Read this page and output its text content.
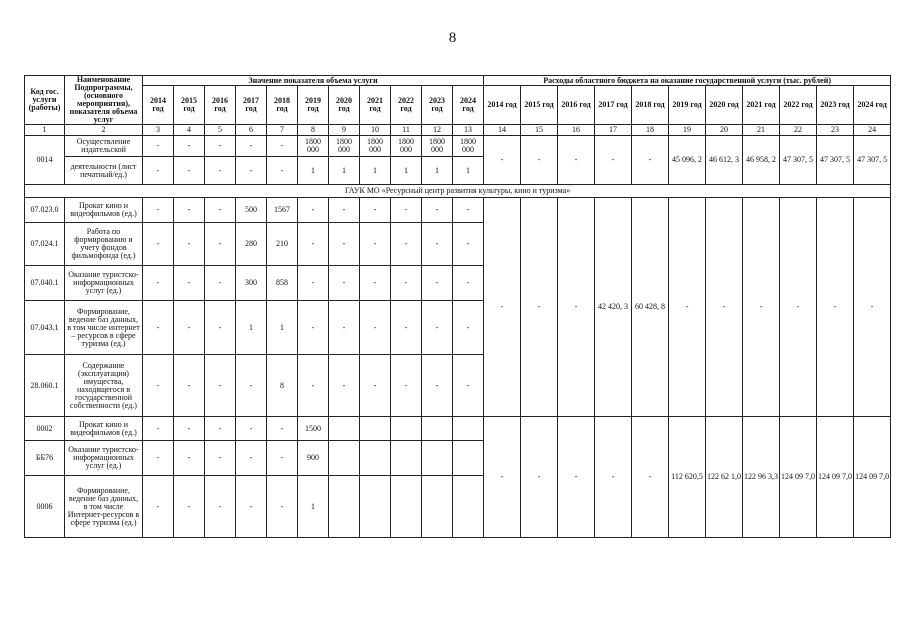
8
Код гос. услуги (работы)	Наименование Подпрограммы, (основного мероприятия), показателя объема услуг	Значение показателя объема услуги											Расходы областного бюджета на оказание государственной услуги (тыс. рублей)										
		2014 год	2015 год	2016 год	2017 год	2018 год	2019 год	2020 год	2021 год	2022 год	2023 год	2024 год	2014 год	2015 год	2016 год	2017 год	2018 год	2019 год	2020 год	2021 год	2022 год	2023 год	2024 год
1	2	3	4	5	6	7	8	9	10	11	12	13	14	15	16	17	18	19	20	21	22	23	24
0014	Осуществление издательской	-	-	-	-	-	1800 000	1800 000	1800 000	1800 000	1800 000	1800 000	-	-	-	-	-	45 096, 2	46 612, 3	46 958, 2	47 307, 5	47 307, 5	47 307, 5
	деятельности (лист печатный/ед.)	-	-	-	-	-	1	1	1	1	1	1											
ГАУК МО «Ресурсный центр развития культуры, кино и туризма»																							
07.023.0	Прокат кино и видеофильмов (ед.)	-	-	-	500	1567	-	-	-	-	-	-	-	-	-	42 420, 3	60 428, 8	-	-	-	-	-	-
07.024.1	Работа по формированию и учету фондов фильмофонда (ед.)	-	-	-	280	210	-	-	-	-	-	-											
07.040.1	Оказание туристско-информационных услуг (ед.)	-	-	-	300	858	-	-	-	-	-	-											
07.043.1	Формирование, ведение баз данных, в том числе интернет – ресурсов в сфере туризма (ед.)	-	-	-	1	1	-	-	-	-	-	-											
28.060.1	Содержание (эксплуатация) имущества, находящегося в государственной собственности (ед.)	-	-	-	-	8	-	-	-	-	-	-											
0002	Прокат кино и видеофильмов (ед.)	-	-	-	-	-	1500						-	-	-	-	-	112 620,5	122 62 1,0	122 96 3,3	124 09 7,0	124 09 7,0	124 09 7,0
ББ76	Оказание туристско-информационных услуг (ед.)	-	-	-	-	-	900																
0006	Формирование, ведение баз данных, в том числе Интернет-ресурсов в сфере туризма (ед.)	-	-	-	-	-	1																
